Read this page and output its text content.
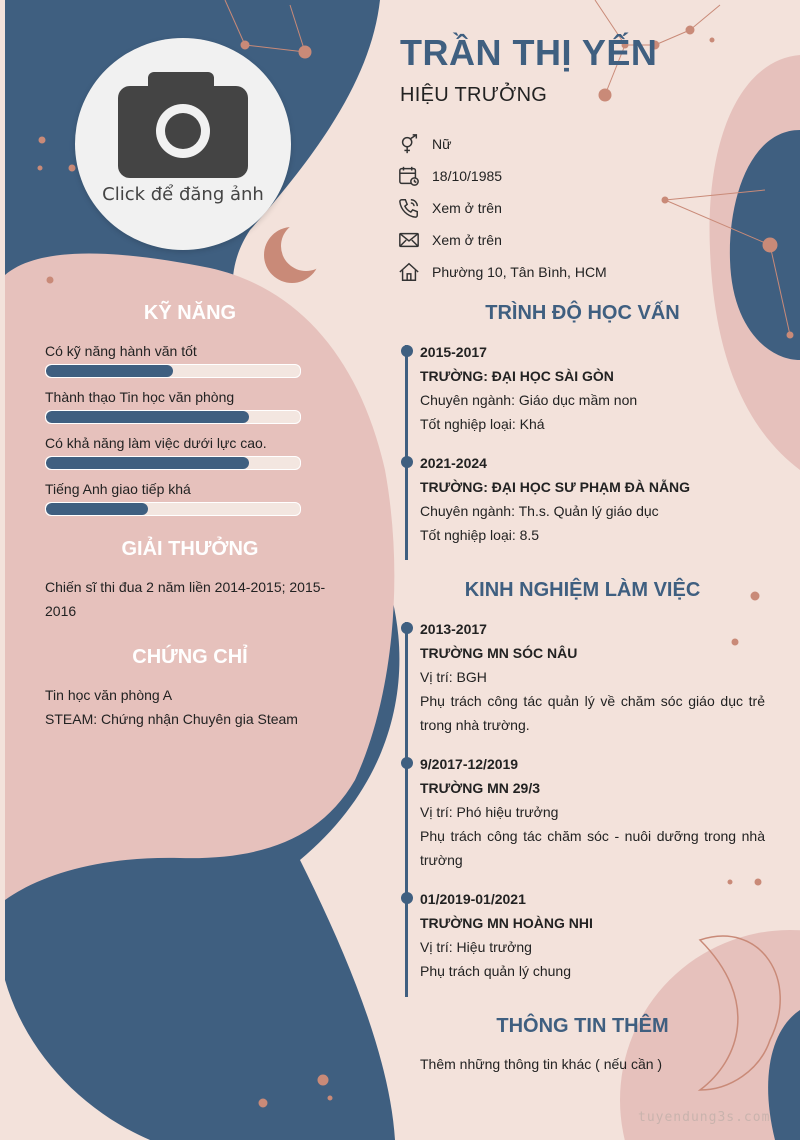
Click để đăng ảnh
TRẦN THỊ YẾN
HIỆU TRƯỞNG
Nữ
18/10/1985
Xem ở trên
Xem ở trên
Phường 10, Tân Bình, HCM
KỸ NĂNG
Có kỹ năng hành văn tốt
Thành thạo Tin học văn phòng
Có khả năng làm việc dưới lực cao.
Tiếng Anh giao tiếp khá
GIẢI THƯỞNG
Chiến sĩ thi đua 2 năm liền 2014-2015; 2015-2016
CHỨNG CHỈ
Tin học văn phòng A
STEAM: Chứng nhận Chuyên gia Steam
TRÌNH ĐỘ HỌC VẤN
2015-2017
TRƯỜNG: ĐẠI HỌC SÀI GÒN
Chuyên ngành: Giáo dục mầm non
Tốt nghiệp loại: Khá
2021-2024
TRƯỜNG: ĐẠI HỌC SƯ PHẠM ĐÀ NẴNG
Chuyên ngành: Th.s. Quản lý giáo dục
Tốt nghiệp loại: 8.5
KINH NGHIỆM LÀM VIỆC
2013-2017
TRƯỜNG MN SÓC NÂU
Vị trí: BGH
Phụ trách công tác quản lý về chăm sóc giáo dục trẻ trong nhà trường.
9/2017-12/2019
TRƯỜNG MN 29/3
Vị trí: Phó hiệu trưởng
Phụ trách công tác chăm sóc - nuôi dưỡng trong nhà trường
01/2019-01/2021
TRƯỜNG MN HOÀNG NHI
Vị trí: Hiệu trưởng
Phụ trách quản lý chung
THÔNG TIN THÊM
Thêm những thông tin khác ( nếu cần )
tuyendung3s.com
